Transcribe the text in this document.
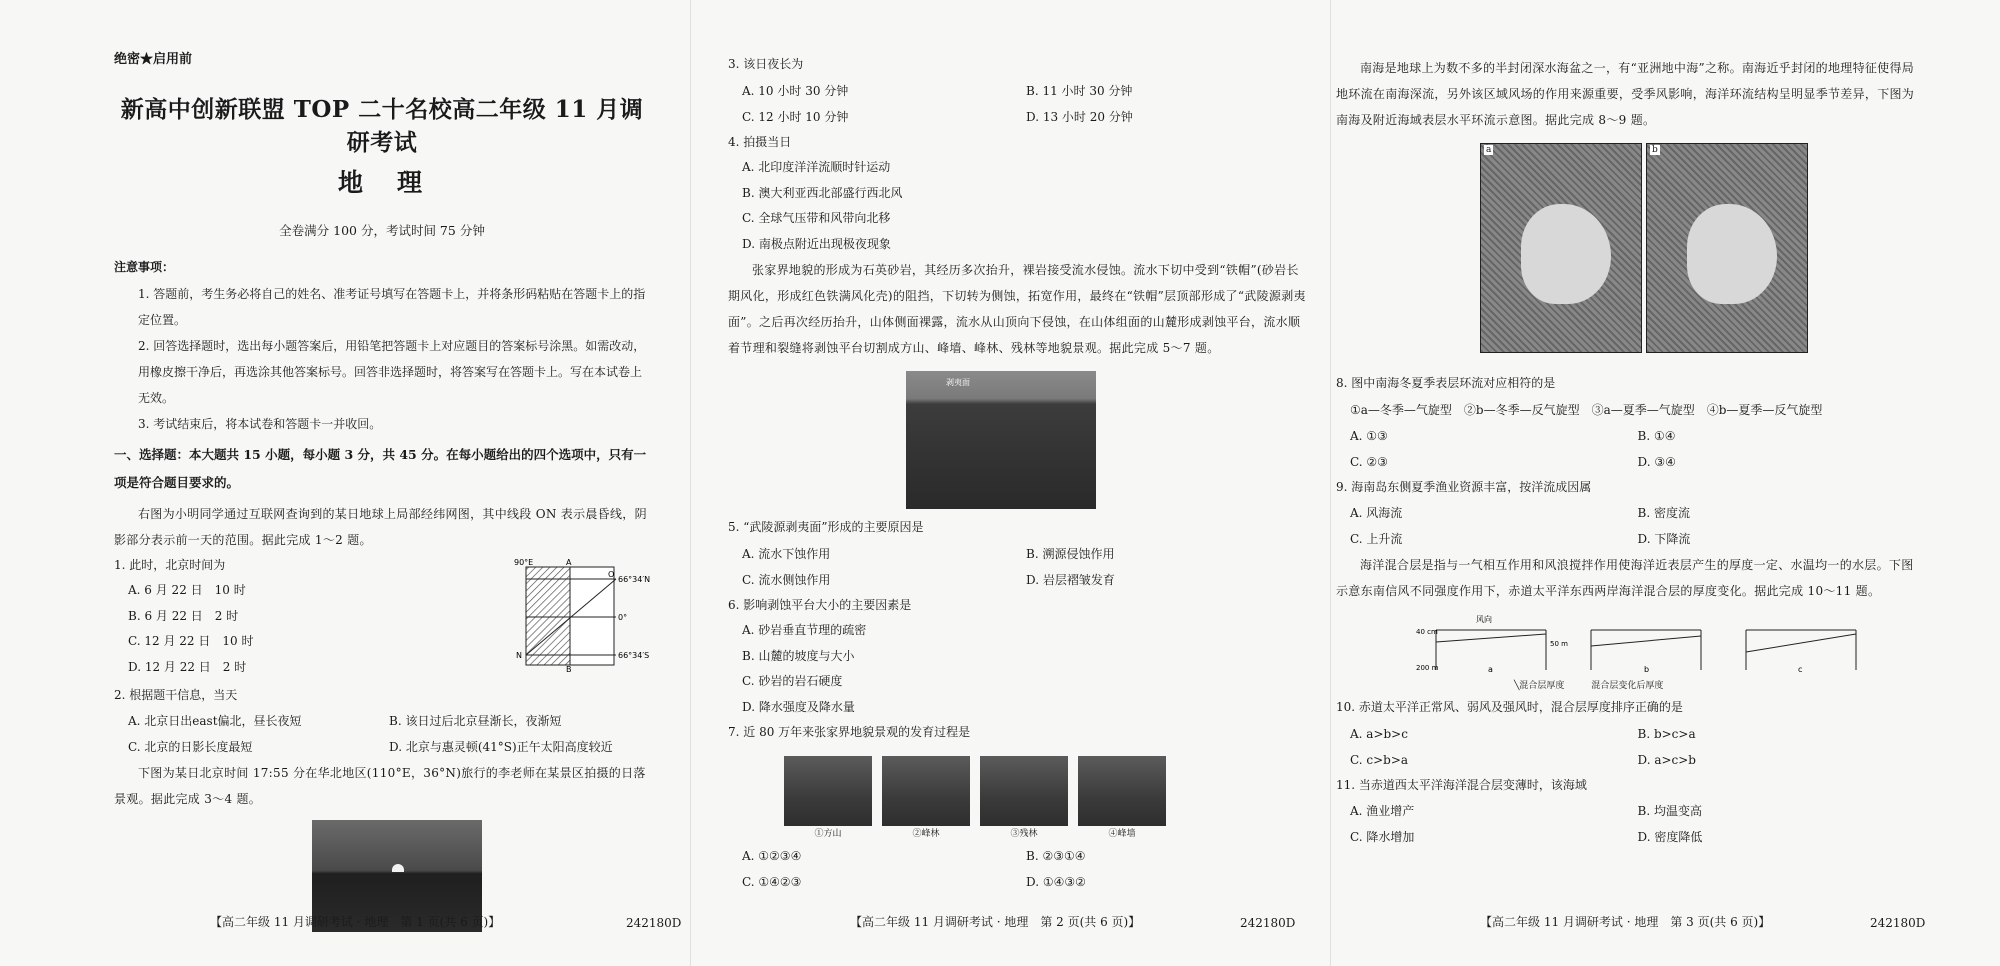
绝密★启用前
新高中创新联盟 TOP 二十名校高二年级 11 月调研考试
地理
全卷满分 100 分，考试时间 75 分钟
注意事项：
1. 答题前，考生务必将自己的姓名、准考证号填写在答题卡上，并将条形码粘贴在答题卡上的指定位置。
2. 回答选择题时，选出每小题答案后，用铅笔把答题卡上对应题目的答案标号涂黑。如需改动，用橡皮擦干净后，再选涂其他答案标号。回答非选择题时，将答案写在答题卡上。写在本试卷上无效。
3. 考试结束后，将本试卷和答题卡一并收回。
一、选择题：本大题共 15 小题，每小题 3 分，共 45 分。在每小题给出的四个选项中，只有一项是符合题目要求的。
右图为小明同学通过互联网查询到的某日地球上局部经纬网图，其中线段 ON 表示晨昏线，阴影部分表示前一天的范围。据此完成 1～2 题。
1. 此时，北京时间为
A. 6 月 22 日　10 时
B. 6 月 22 日　2 时
C. 12 月 22 日　10 时
D. 12 月 22 日　2 时
90°E	A
O
66°34′N
0°
66°34′S
N
B
2. 根据题干信息，当天
A. 北京日出east偏北，昼长夜短	B. 该日过后北京昼渐长，夜渐短
C. 北京的日影长度最短	D. 北京与惠灵顿(41°S)正午太阳高度较近
下图为某日北京时间 17:55 分在华北地区(110°E，36°N)旅行的李老师在某景区拍摄的日落景观。据此完成 3～4 题。
【高二年级 11 月调研考试 · 地理　第 1 页(共 6 页)】	242180D
3. 该日夜长为
A. 10 小时 30 分钟	B. 11 小时 30 分钟
C. 12 小时 10 分钟	D. 13 小时 20 分钟
4. 拍摄当日
A. 北印度洋洋流顺时针运动
B. 澳大利亚西北部盛行西北风
C. 全球气压带和风带向北移
D. 南极点附近出现极夜现象
张家界地貌的形成为石英砂岩，其经历多次抬升，裸岩接受流水侵蚀。流水下切中受到“铁帽”(砂岩长期风化，形成红色铁满风化壳)的阻挡，下切转为侧蚀，拓宽作用，最终在“铁帽”层顶部形成了“武陵源剥夷面”。之后再次经历抬升，山体侧面裸露，流水从山顶向下侵蚀，在山体组面的山麓形成剥蚀平台，流水顺着节理和裂缝将剥蚀平台切割成方山、峰墙、峰林、残林等地貌景观。据此完成 5～7 题。
剥夷面
5. “武陵源剥夷面”形成的主要原因是
A. 流水下蚀作用	B. 溯源侵蚀作用
C. 流水侧蚀作用	D. 岩层褶皱发育
6. 影响剥蚀平台大小的主要因素是
A. 砂岩垂直节理的疏密
B. 山麓的坡度与大小
C. 砂岩的岩石硬度
D. 降水强度及降水量
7. 近 80 万年来张家界地貌景观的发育过程是
①方山	②峰林	③残林	④峰墙
A. ①②③④	B. ②③①④
C. ①④②③	D. ①④③②
【高二年级 11 月调研考试 · 地理　第 2 页(共 6 页)】	242180D
南海是地球上为数不多的半封闭深水海盆之一，有“亚洲地中海”之称。南海近乎封闭的地理特征使得局地环流在南海深流，另外该区域风场的作用来源重要，受季风影响，海洋环流结构呈明显季节差异，下图为南海及附近海域表层水平环流示意图。据此完成 8～9 题。
a	b
8. 图中南海冬夏季表层环流对应相符的是
①a—冬季—气旋型　②b—冬季—反气旋型　③a—夏季—气旋型　④b—夏季—反气旋型
A. ①③	B. ①④
C. ②③	D. ③④
9. 海南岛东侧夏季渔业资源丰富，按洋流成因属
A. 风海流	B. 密度流
C. 上升流	D. 下降流
海洋混合层是指与一气相互作用和风浪搅拌作用使海洋近表层产生的厚度一定、水温均一的水层。下图示意东南信风不同强度作用下，赤道太平洋东西两岸海洋混合层的厚度变化。据此完成 10～11 题。
风向
40 cm
50 m
200 m	a	b	c
╲混合层厚度　　　混合层变化后厚度
10. 赤道太平洋正常风、弱风及强风时，混合层厚度排序正确的是
A. a>b>c	B. b>c>a
C. c>b>a	D. a>c>b
11. 当赤道西太平洋海洋混合层变薄时，该海域
A. 渔业增产	B. 均温变高
C. 降水增加	D. 密度降低
【高二年级 11 月调研考试 · 地理　第 3 页(共 6 页)】	242180D
